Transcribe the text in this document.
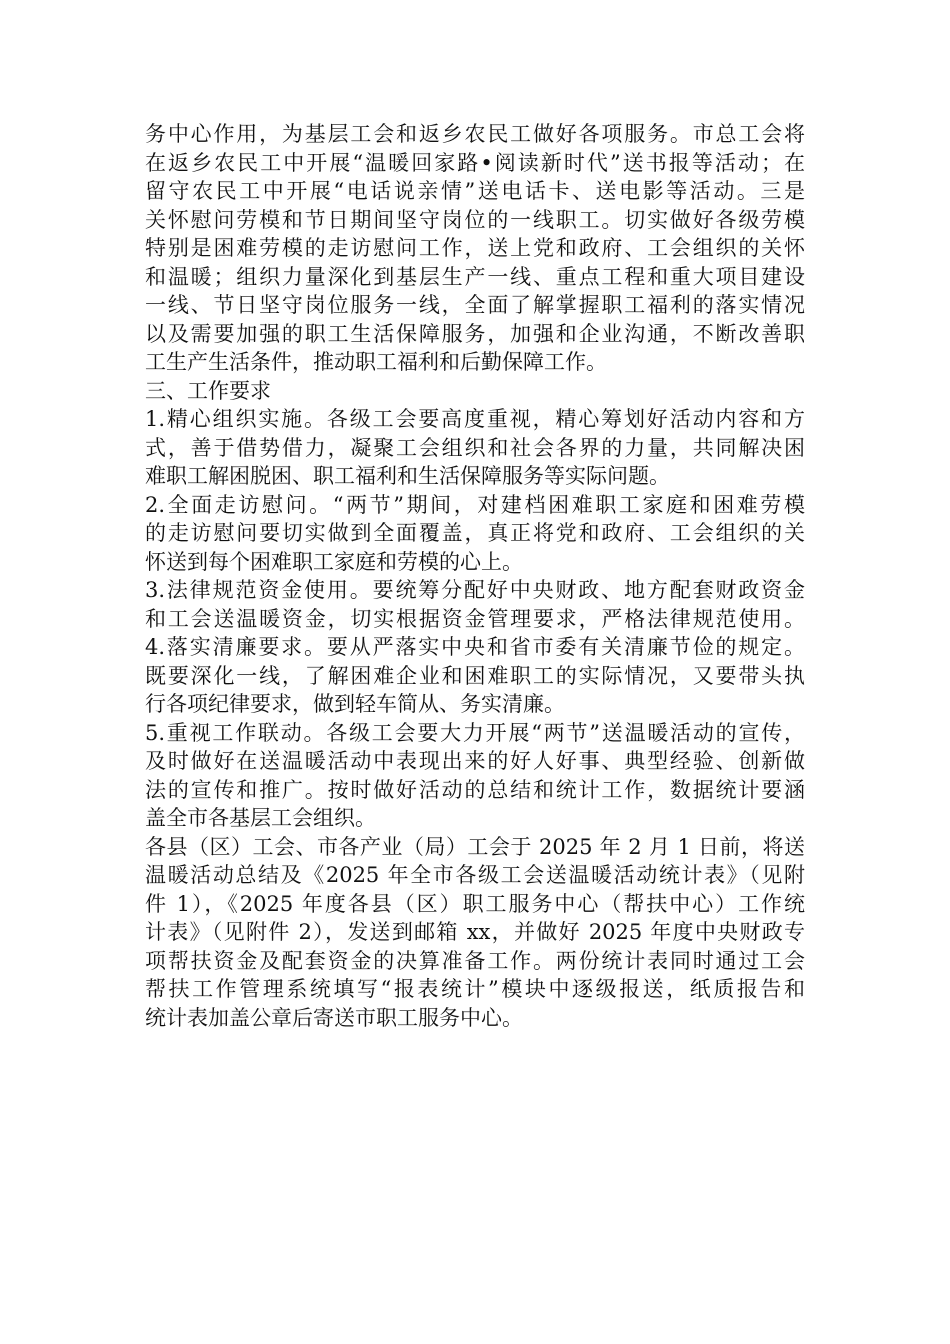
务中心作用，为基层工会和返乡农民工做好各项服务。市总工会将
在返乡农民工中开展“温暖回家路•阅读新时代”送书报等活动；在
留守农民工中开展“电话说亲情”送电话卡、送电影等活动。三是
关怀慰问劳模和节日期间坚守岗位的一线职工。切实做好各级劳模
特别是困难劳模的走访慰问工作，送上党和政府、工会组织的关怀
和温暖；组织力量深化到基层生产一线、重点工程和重大项目建设
一线、节日坚守岗位服务一线，全面了解掌握职工福利的落实情况
以及需要加强的职工生活保障服务，加强和企业沟通，不断改善职
工生产生活条件，推动职工福利和后勤保障工作。
三、工作要求
1.精心组织实施。各级工会要高度重视，精心筹划好活动内容和方
式，善于借势借力，凝聚工会组织和社会各界的力量，共同解决困
难职工解困脱困、职工福利和生活保障服务等实际问题。
2.全面走访慰问。“两节”期间，对建档困难职工家庭和困难劳模
的走访慰问要切实做到全面覆盖，真正将党和政府、工会组织的关
怀送到每个困难职工家庭和劳模的心上。
3.法律规范资金使用。要统筹分配好中央财政、地方配套财政资金
和工会送温暖资金，切实根据资金管理要求，严格法律规范使用。
4.落实清廉要求。要从严落实中央和省市委有关清廉节俭的规定。
既要深化一线，了解困难企业和困难职工的实际情况，又要带头执
行各项纪律要求，做到轻车简从、务实清廉。
5.重视工作联动。各级工会要大力开展“两节”送温暖活动的宣传，
及时做好在送温暖活动中表现出来的好人好事、典型经验、创新做
法的宣传和推广。按时做好活动的总结和统计工作，数据统计要涵
盖全市各基层工会组织。
各县（区）工会、市各产业（局）工会于 2025 年 2 月 1 日前，将送
温暖活动总结及《2025 年全市各级工会送温暖活动统计表》（见附
件 1），《2025 年度各县（区）职工服务中心（帮扶中心）工作统
计表》（见附件 2），发送到邮箱 xx，并做好 2025 年度中央财政专
项帮扶资金及配套资金的决算准备工作。两份统计表同时通过工会
帮扶工作管理系统填写“报表统计”模块中逐级报送，纸质报告和
统计表加盖公章后寄送市职工服务中心。
